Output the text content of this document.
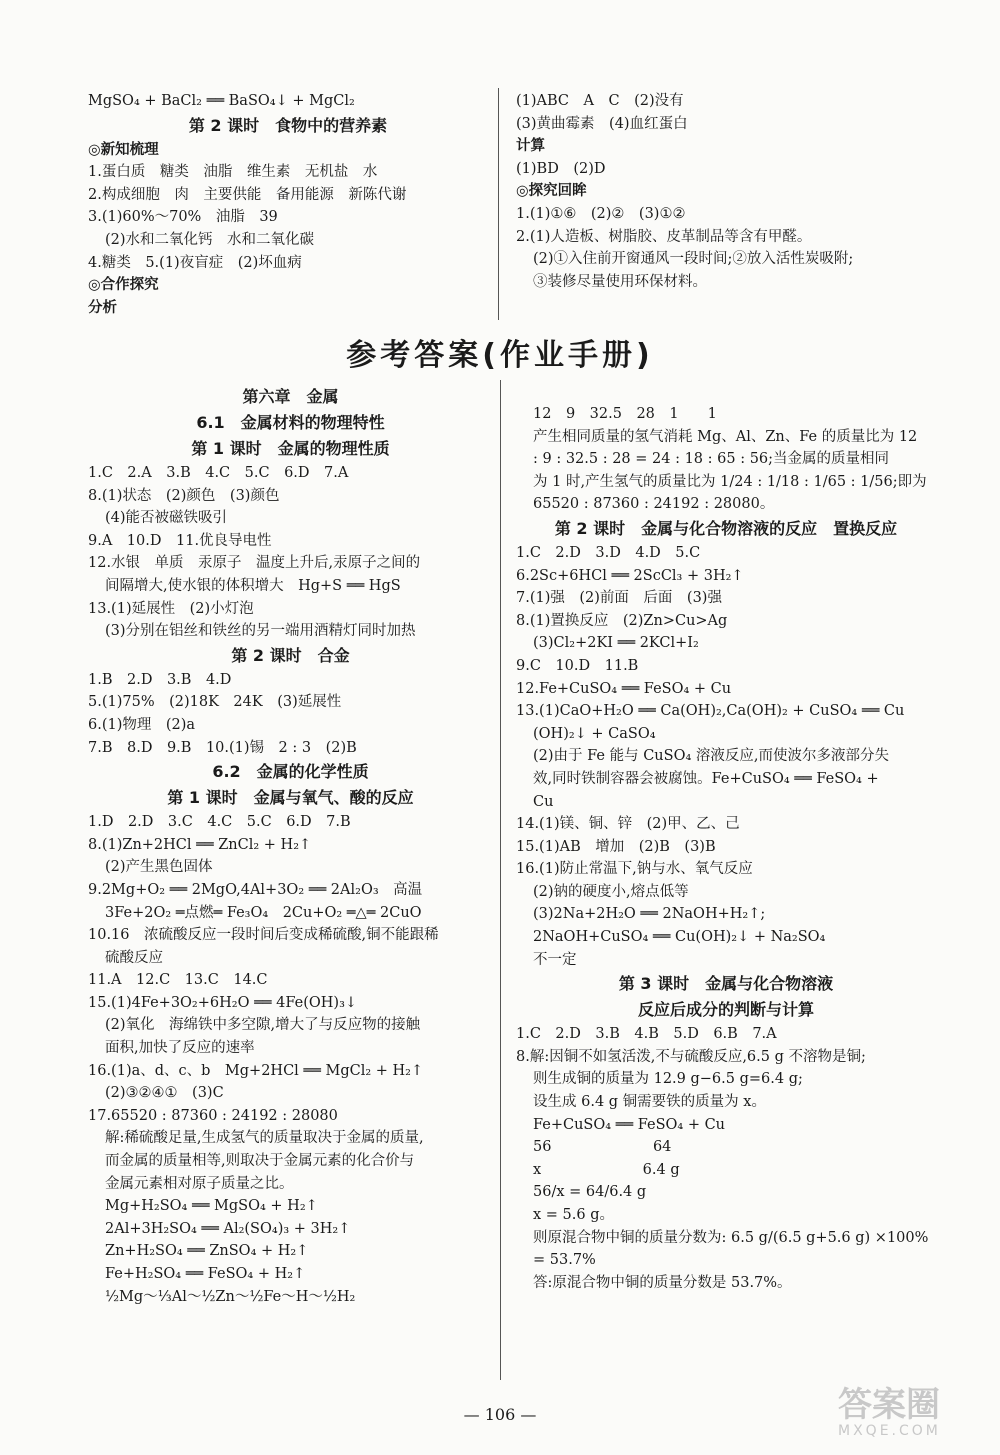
MgSO₄ + BaCl₂ ══ BaSO₄↓ + MgCl₂
第 2 课时　食物中的营养素
◎新知梳理
1.蛋白质　糖类　油脂　维生素　无机盐　水
2.构成细胞　肉　主要供能　备用能源　新陈代谢
3.(1)60%～70%　油脂　39
(2)水和二氧化钙　水和二氧化碳
4.糖类　5.(1)夜盲症　(2)坏血病
◎合作探究
分析
(1)ABC　A　C　(2)没有
(3)黄曲霉素　(4)血红蛋白
计算
(1)BD　(2)D
◎探究回眸
1.(1)①⑥　(2)②　(3)①②
2.(1)人造板、树脂胶、皮革制品等含有甲醛。
(2)①入住前开窗通风一段时间;②放入活性炭吸附;
③装修尽量使用环保材料。
参考答案(作业手册)
第六章　金属
6.1　金属材料的物理特性
第 1 课时　金属的物理性质
1.C　2.A　3.B　4.C　5.C　6.D　7.A
8.(1)状态　(2)颜色　(3)颜色
(4)能否被磁铁吸引
9.A　10.D　11.优良导电性
12.水银　单质　汞原子　温度上升后,汞原子之间的
间隔增大,使水银的体积增大　Hg+S ══ HgS
13.(1)延展性　(2)小灯泡
(3)分别在铝丝和铁丝的另一端用酒精灯同时加热
第 2 课时　合金
1.B　2.D　3.B　4.D
5.(1)75%　(2)18K　24K　(3)延展性
6.(1)物理　(2)a
7.B　8.D　9.B　10.(1)锡　2 : 3　(2)B
6.2　金属的化学性质
第 1 课时　金属与氧气、酸的反应
1.D　2.D　3.C　4.C　5.C　6.D　7.B
8.(1)Zn+2HCl ══ ZnCl₂ + H₂↑
(2)产生黑色固体
9.2Mg+O₂ ══ 2MgO,4Al+3O₂ ══ 2Al₂O₃　高温
3Fe+2O₂ ═点燃═ Fe₃O₄　2Cu+O₂ ═△═ 2CuO
10.16　浓硫酸反应一段时间后变成稀硫酸,铜不能跟稀
硫酸反应
11.A　12.C　13.C　14.C
15.(1)4Fe+3O₂+6H₂O ══ 4Fe(OH)₃↓
(2)氧化　海绵铁中多空隙,增大了与反应物的接触
面积,加快了反应的速率
16.(1)a、d、c、b　Mg+2HCl ══ MgCl₂ + H₂↑
(2)③②④①　(3)C
17.65520 : 87360 : 24192 : 28080
解:稀硫酸足量,生成氢气的质量取决于金属的质量,
而金属的质量相等,则取决于金属元素的化合价与
金属元素相对原子质量之比。
Mg+H₂SO₄ ══ MgSO₄ + H₂↑
2Al+3H₂SO₄ ══ Al₂(SO₄)₃ + 3H₂↑
Zn+H₂SO₄ ══ ZnSO₄ + H₂↑
Fe+H₂SO₄ ══ FeSO₄ + H₂↑
½Mg～⅓Al～½Zn～½Fe～H～½H₂
12　9　32.5　28　1　　1
产生相同质量的氢气消耗 Mg、Al、Zn、Fe 的质量比为 12
: 9 : 32.5 : 28 = 24 : 18 : 65 : 56;当金属的质量相同
为 1 时,产生氢气的质量比为 1/24 : 1/18 : 1/65 : 1/56;即为
65520 : 87360 : 24192 : 28080。
第 2 课时　金属与化合物溶液的反应　置换反应
1.C　2.D　3.D　4.D　5.C
6.2Sc+6HCl ══ 2ScCl₃ + 3H₂↑
7.(1)强　(2)前面　后面　(3)强
8.(1)置换反应　(2)Zn>Cu>Ag
(3)Cl₂+2KI ══ 2KCl+I₂
9.C　10.D　11.B
12.Fe+CuSO₄ ══ FeSO₄ + Cu
13.(1)CaO+H₂O ══ Ca(OH)₂,Ca(OH)₂ + CuSO₄ ══ Cu
(OH)₂↓ + CaSO₄
(2)由于 Fe 能与 CuSO₄ 溶液反应,而使波尔多液部分失
效,同时铁制容器会被腐蚀。Fe+CuSO₄ ══ FeSO₄ +
Cu
14.(1)镁、铜、锌　(2)甲、乙、己
15.(1)AB　增加　(2)B　(3)B
16.(1)防止常温下,钠与水、氧气反应
(2)钠的硬度小,熔点低等
(3)2Na+2H₂O ══ 2NaOH+H₂↑;
2NaOH+CuSO₄ ══ Cu(OH)₂↓ + Na₂SO₄
不一定
第 3 课时　金属与化合物溶液
反应后成分的判断与计算
1.C　2.D　3.B　4.B　5.D　6.B　7.A
8.解:因铜不如氢活泼,不与硫酸反应,6.5 g 不溶物是铜;
则生成铜的质量为 12.9 g−6.5 g=6.4 g;
设生成 6.4 g 铜需要铁的质量为 x。
Fe+CuSO₄ ══ FeSO₄ + Cu
56　　　　　　　64
x　　　　　　　6.4 g
56/x = 64/6.4 g
x = 5.6 g。
则原混合物中铜的质量分数为: 6.5 g/(6.5 g+5.6 g) ×100%
= 53.7%
答:原混合物中铜的质量分数是 53.7%。
— 106 —	答案圈
MXQE.COM
